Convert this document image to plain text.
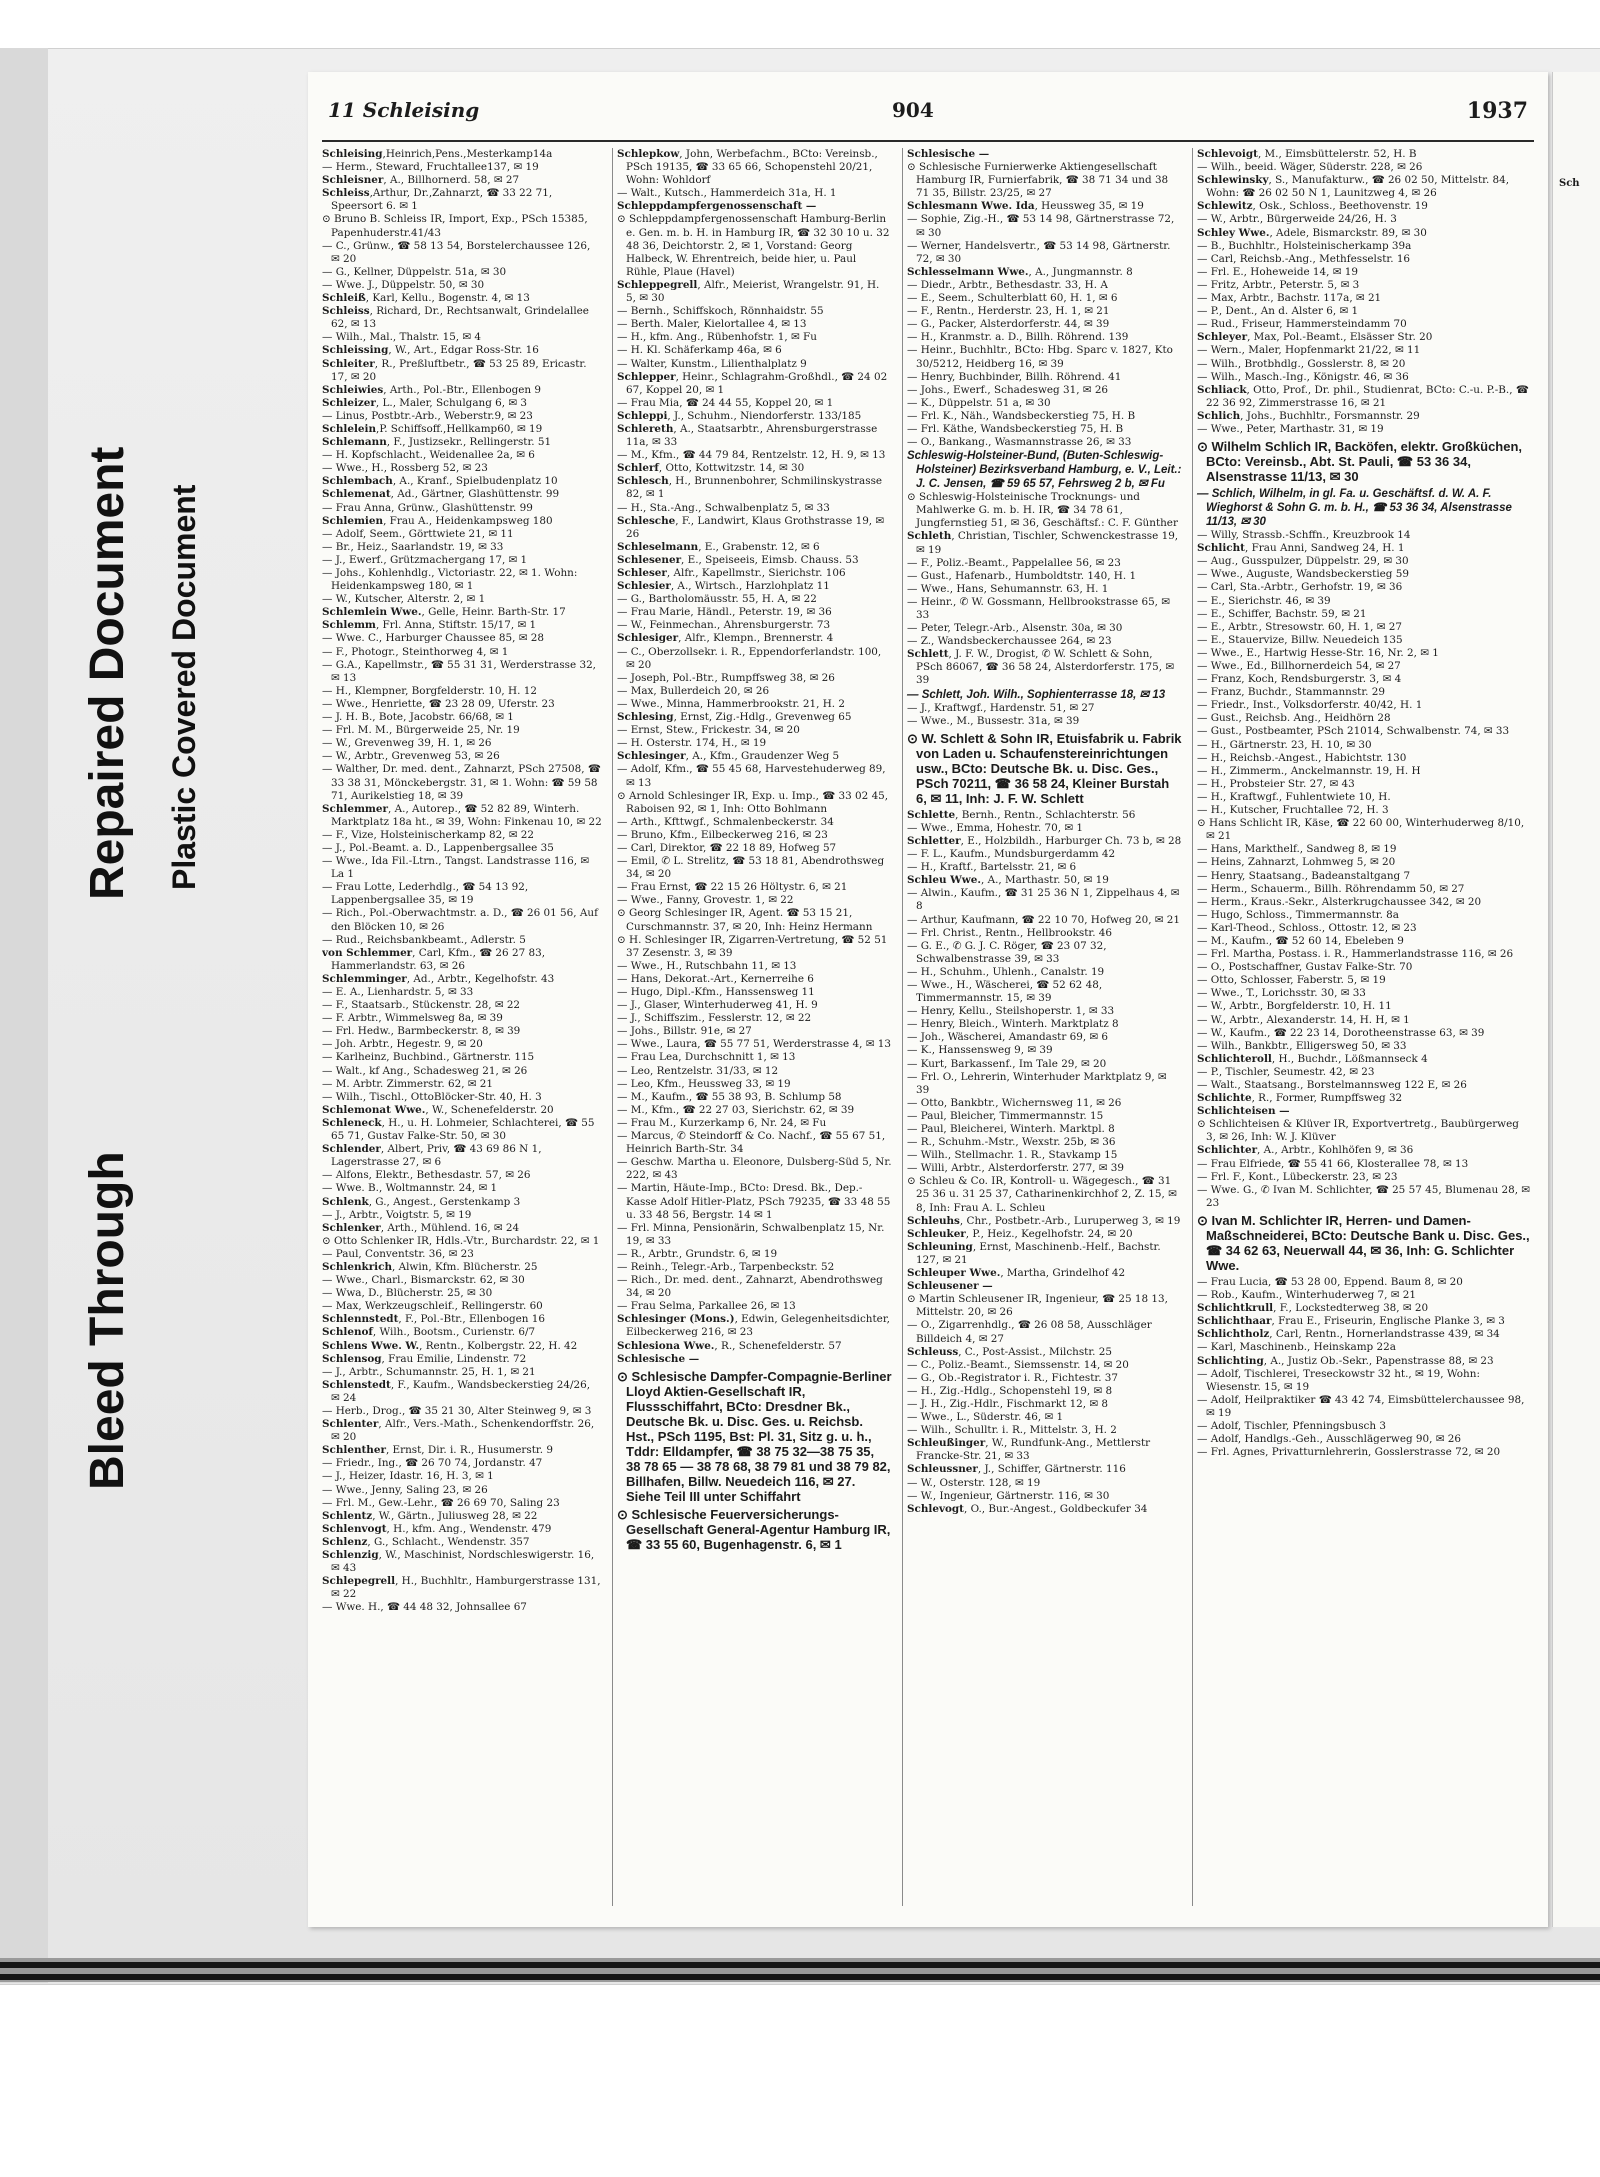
Bleed Through
Repaired Document Plastic Covered Document
11 Schleising	904	1937

Schleising,Heinrich,Pens.,Mesterkamp14a

— Herm., Steward, Fruchtallee137, ✉ 19

Schleisner, A., Billhornerd. 58, ✉ 27

Schleiss,Arthur, Dr.,Zahnarzt, ☎ 33 22 71, Speersort 6. ✉ 1

⊙ Bruno B. Schleiss IR, Import, Exp., PSch 15385, Papenhuderstr.41/43

— C., Grünw., ☎ 58 13 54, Borstelerchaussee 126, ✉ 20

— G., Kellner, Düppelstr. 51a, ✉ 30

— Wwe. J., Düppelstr. 50, ✉ 30

Schleiß, Karl, Kellu., Bogenstr. 4, ✉ 13

Schleiss, Richard, Dr., Rechtsanwalt, Grindelallee 62, ✉ 13

— Wilh., Mal., Thalstr. 15, ✉ 4

Schleissing, W., Art., Edgar Ross-Str. 16

Schleiter, R., Preßluftbetr., ☎ 53 25 89, Ericastr. 17, ✉ 20

Schleiwies, Arth., Pol.-Btr., Ellenbogen 9

Schleizer, L., Maler, Schulgang 6, ✉ 3

— Linus, Postbtr.-Arb., Weberstr.9, ✉ 23

Schlelein,P. Schiffsoff.,Hellkamp60, ✉ 19

Schlemann, F., Justizsekr., Rellingerstr. 51

— H. Kopfschlacht., Weidenallee 2a, ✉ 6

— Wwe., H., Rossberg 52, ✉ 23

Schlembach, A., Kranf., Spielbudenplatz 10

Schlemenat, Ad., Gärtner, Glashüttenstr. 99

— Frau Anna, Grünw., Glashüttenstr. 99

Schlemien, Frau A., Heidenkampsweg 180

— Adolf, Seem., Görttwiete 21, ✉ 11

— Br., Heiz., Saarlandstr. 19, ✉ 33

— J., Ewerf., Grützmachergang 17, ✉ 1

— Johs., Kohlenhdlg., Victoriastr. 22, ✉ 1. Wohn: Heidenkampsweg 180, ✉ 1

— W., Kutscher, Alterstr. 2, ✉ 1

Schlemlein Wwe., Gelle, Heinr. Barth-Str. 17

Schlemm, Frl. Anna, Stiftstr. 15/17, ✉ 1

— Wwe. C., Harburger Chaussee 85, ✉ 28

— F., Photogr., Steinthorweg 4, ✉ 1

— G.A., Kapellmstr., ☎ 55 31 31, Werderstrasse 32, ✉ 13

— H., Klempner, Borgfelderstr. 10, H. 12

— Wwe., Henriette, ☎ 23 28 09, Uferstr. 23

— J. H. B., Bote, Jacobstr. 66/68, ✉ 1

— Frl. M. M., Bürgerweide 25, Nr. 19

— W., Grevenweg 39, H. 1, ✉ 26

— W., Arbtr., Grevenweg 53, ✉ 26

— Walther, Dr. med. dent., Zahnarzt, PSch 27508, ☎ 33 38 31, Mönckebergstr. 31, ✉ 1. Wohn: ☎ 59 58 71, Aurikelstieg 18, ✉ 39

Schlemmer, A., Autorep., ☎ 52 82 89, Winterh. Marktplatz 18a ht., ✉ 39, Wohn: Finkenau 10, ✉ 22

— F., Vize, Holsteinischerkamp 82, ✉ 22

— J., Pol.-Beamt. a. D., Lappenbergsallee 35

— Wwe., Ida Fil.-Ltrn., Tangst. Landstrasse 116, ✉ La 1

— Frau Lotte, Lederhdlg., ☎ 54 13 92, Lappenbergsallee 35, ✉ 19

— Rich., Pol.-Oberwachtmstr. a. D., ☎ 26 01 56, Auf den Blöcken 10, ✉ 26

— Rud., Reichsbankbeamt., Adlerstr. 5

von Schlemmer, Carl, Kfm., ☎ 26 27 83, Hammerlandstr. 63, ✉ 26

Schlemminger, Ad., Arbtr., Kegelhofstr. 43

— E. A., Lienhardstr. 5, ✉ 33

— F., Staatsarb., Stückenstr. 28, ✉ 22

— F. Arbtr., Wimmelsweg 8a, ✉ 39

— Frl. Hedw., Barmbeckerstr. 8, ✉ 39

— Joh. Arbtr., Hegestr. 9, ✉ 20

— Karlheinz, Buchbind., Gärtnerstr. 115

— Walt., kf Ang., Schadesweg 21, ✉ 26

— M. Arbtr. Zimmerstr. 62, ✉ 21

— Wilh., Tischl., OttoBlöcker-Str. 40, H. 3

Schlemonat Wwe., W., Schenefelderstr. 20

Schleneck, H., u. H. Lohmeier, Schlachterei, ☎ 55 65 71, Gustav Falke-Str. 50, ✉ 30

Schlender, Albert, Priv, ☎ 43 69 86 N 1, Lagerstrasse 27, ✉ 6

— Alfons, Elektr., Bethesdastr. 57, ✉ 26

— Wwe. B., Woltmannstr. 24, ✉ 1

Schlenk, G., Angest., Gerstenkamp 3

— J., Arbtr., Voigtstr. 5, ✉ 19

Schlenker, Arth., Mühlend. 16, ✉ 24

⊙ Otto Schlenker IR, Hdls.-Vtr., Burchardstr. 22, ✉ 1

— Paul, Conventstr. 36, ✉ 23

Schlenkrich, Alwin, Kfm. Blücherstr. 25

— Wwe., Charl., Bismarckstr. 62, ✉ 30

— Wwa, D., Blücherstr. 25, ✉ 30

— Max, Werkzeugschleif., Rellingerstr. 60

Schlennstedt, F., Pol.-Btr., Ellenbogen 16

Schlenof, Wilh., Bootsm., Curienstr. 6/7

Schlens Wwe. W., Rentn., Kolbergstr. 22, H. 42

Schlensog, Frau Emilie, Lindenstr. 72

— J., Arbtr., Schumannstr. 25, H. 1, ✉ 21

Schlenstedt, F., Kaufm., Wandsbeckerstieg 24/26, ✉ 24

— Herb., Drog., ☎ 35 21 30, Alter Steinweg 9, ✉ 3

Schlenter, Alfr., Vers.-Math., Schenkendorffstr. 26, ✉ 20

Schlenther, Ernst, Dir. i. R., Husumerstr. 9

— Friedr., Ing., ☎ 26 70 74, Jordanstr. 47

— J., Heizer, Idastr. 16, H. 3, ✉ 1

— Wwe., Jenny, Saling 23, ✉ 26

— Frl. M., Gew.-Lehr., ☎ 26 69 70, Saling 23

Schlentz, W., Gärtn., Juliusweg 28, ✉ 22

Schlenvogt, H., kfm. Ang., Wendenstr. 479

Schlenz, G., Schlacht., Wendenstr. 357

Schlenzig, W., Maschinist, Nordschleswigerstr. 16, ✉ 43

Schlepegrell, H., Buchhltr., Hamburgerstrasse 131, ✉ 22

— Wwe. H., ☎ 44 48 32, Johnsallee 67

Schlepkow, John, Werbefachm., BCto: Vereinsb., PSch 19135, ☎ 33 65 66, Schopenstehl 20/21, Wohn: Wohldorf

— Walt., Kutsch., Hammerdeich 31a, H. 1

Schleppdampfergenossenschaft —

⊙ Schleppdampfergenossenschaft Hamburg-Berlin e. Gen. m. b. H. in Hamburg IR, ☎ 32 30 10 u. 32 48 36, Deichtorstr. 2, ✉ 1, Vorstand: Georg Halbeck, W. Ehrentreich, beide hier, u. Paul Rühle, Plaue (Havel)

Schleppegrell, Alfr., Meierist, Wrangelstr. 91, H. 5, ✉ 30

— Bernh., Schiffskoch, Rönnhaidstr. 55

— Berth. Maler, Kielortallee 4, ✉ 13

— H., kfm. Ang., Rübenhofstr. 1, ✉ Fu

— H. Kl. Schäferkamp 46a, ✉ 6

— Walter, Kunstm., Lilienthalplatz 9

Schlepper, Heinr., Schlagrahm-Großhdl., ☎ 24 02 67, Koppel 20, ✉ 1

— Frau Mia, ☎ 24 44 55, Koppel 20, ✉ 1

Schleppi, J., Schuhm., Niendorferstr. 133/185

Schlereth, A., Staatsarbtr., Ahrensburgerstrasse 11a, ✉ 33

— M., Kfm., ☎ 44 79 84, Rentzelstr. 12, H. 9, ✉ 13

Schlerf, Otto, Kottwitzstr. 14, ✉ 30

Schlesch, H., Brunnenbohrer, Schmilinskystrasse 82, ✉ 1

— H., Sta.-Ang., Schwalbenplatz 5, ✉ 33

Schlesche, F., Landwirt, Klaus Grothstrasse 19, ✉ 26

Schleselmann, E., Grabenstr. 12, ✉ 6

Schlesener, E., Speiseeis, Eimsb. Chauss. 53

Schleser, Alfr., Kapellmstr., Sierichstr. 106

Schlesier, A., Wirtsch., Harzlohplatz 11

— G., Bartholomäusstr. 55, H. A, ✉ 22

— Frau Marie, Händl., Peterstr. 19, ✉ 36

— W., Feinmechan., Ahrensburgerstr. 73

Schlesiger, Alfr., Klempn., Brennerstr. 4

— C., Oberzollsekr. i. R., Eppendorferlandstr. 100, ✉ 20

— Joseph, Pol.-Btr., Rumpffsweg 38, ✉ 26

— Max, Bullerdeich 20, ✉ 26

— Wwe., Minna, Hammerbrookstr. 21, H. 2

Schlesing, Ernst, Zig.-Hdlg., Grevenweg 65

— Ernst, Stew., Frickestr. 34, ✉ 20

— H. Osterstr. 174, H., ✉ 19

Schlesinger, A., Kfm., Graudenzer Weg 5

— Adolf, Kfm., ☎ 55 45 68, Harvestehuderweg 89, ✉ 13

⊙ Arnold Schlesinger IR, Exp. u. Imp., ☎ 33 02 45, Raboisen 92, ✉ 1, Inh: Otto Bohlmann

— Arth., Kfttwgf., Schmalenbeckerstr. 34

— Bruno, Kfm., Eilbeckerweg 216, ✉ 23

— Carl, Direktor, ☎ 22 18 89, Hofweg 57

— Emil, ✆ L. Strelitz, ☎ 53 18 81, Abendrothsweg 34, ✉ 20

— Frau Ernst, ☎ 22 15 26 Höltystr. 6, ✉ 21

— Wwe., Fanny, Grovestr. 1, ✉ 22

⊙ Georg Schlesinger IR, Agent. ☎ 53 15 21, Curschmannstr. 37, ✉ 20, Inh: Heinz Hermann

⊙ H. Schlesinger IR, Zigarren-Vertretung, ☎ 52 51 37 Zesenstr. 3, ✉ 39

— Wwe., H., Rutschbahn 11, ✉ 13

— Hans, Dekorat.-Art., Kernerreihe 6

— Hugo, Dipl.-Kfm., Hanssensweg 11

— J., Glaser, Winterhuderweg 41, H. 9

— J., Schiffszim., Fesslerstr. 12, ✉ 22

— Johs., Billstr. 91e, ✉ 27

— Wwe., Laura, ☎ 55 77 51, Werderstrasse 4, ✉ 13

— Frau Lea, Durchschnitt 1, ✉ 13

— Leo, Rentzelstr. 31/33, ✉ 12

— Leo, Kfm., Heussweg 33, ✉ 19

— M., Kaufm., ☎ 55 38 93, B. Schlump 58

— M., Kfm., ☎ 22 27 03, Sierichstr. 62, ✉ 39

— Frau M., Kurzerkamp 6, Nr. 24, ✉ Fu

— Marcus, ✆ Steindorff & Co. Nachf., ☎ 55 67 51, Heinrich Barth-Str. 34

— Geschw. Martha u. Eleonore, Dulsberg-Süd 5, Nr. 222, ✉ 43

— Martin, Häute-Imp., BCto: Dresd. Bk., Dep.-Kasse Adolf Hitler-Platz, PSch 79235, ☎ 33 48 55 u. 33 48 56, Bergstr. 14 ✉ 1

— Frl. Minna, Pensionärin, Schwalbenplatz 15, Nr. 19, ✉ 33

— R., Arbtr., Grundstr. 6, ✉ 19

— Reinh., Telegr.-Arb., Tarpenbeckstr. 52

— Rich., Dr. med. dent., Zahnarzt, Abendrothsweg 34, ✉ 20

— Frau Selma, Parkallee 26, ✉ 13

Schlesinger (Mons.), Edwin, Gelegenheitsdichter, Eilbeckerweg 216, ✉ 23

Schlesiona Wwe., R., Schenefelderstr. 57

Schlesische —

⊙ Schlesische Dampfer-Compagnie-Berliner Lloyd Aktien-Gesellschaft IR, Flussschiffahrt, BCto: Dresdner Bk., Deutsche Bk. u. Disc. Ges. u. Reichsb. Hst., PSch 1195, Bst: Pl. 31, Sitz g. u. h., Tddr: Elldampfer, ☎ 38 75 32—38 75 35, 38 78 65 — 38 78 68, 38 79 81 und 38 79 82, Billhafen, Billw. Neuedeich 116, ✉ 27. Siehe Teil III unter Schiffahrt

⊙ Schlesische Feuerversicherungs-Gesellschaft General-Agentur Hamburg IR, ☎ 33 55 60, Bugenhagenstr. 6, ✉ 1

Schlesische —

⊙ Schlesische Furnierwerke Aktiengesellschaft Hamburg IR, Furnierfabrik, ☎ 38 71 34 und 38 71 35, Billstr. 23/25, ✉ 27

Schlesmann Wwe. Ida, Heussweg 35, ✉ 19

— Sophie, Zig.-H., ☎ 53 14 98, Gärtnerstrasse 72, ✉ 30

— Werner, Handelsvertr., ☎ 53 14 98, Gärtnerstr. 72, ✉ 30

Schlesselmann Wwe., A., Jungmannstr. 8

— Diedr., Arbtr., Bethesdastr. 33, H. A

— E., Seem., Schulterblatt 60, H. 1, ✉ 6

— F., Rentn., Herderstr. 23, H. 1, ✉ 21

— G., Packer, Alsterdorferstr. 44, ✉ 39

— H., Kranmstr. a. D., Billh. Röhrend. 139

— Heinr., Buchhltr., BCto: Hbg. Sparc v. 1827, Kto 30/5212, Heidberg 16, ✉ 39

— Henry, Buchbinder, Billh. Röhrend. 41

— Johs., Ewerf., Schadesweg 31, ✉ 26

— K., Düppelstr. 51 a, ✉ 30

— Frl. K., Näh., Wandsbeckerstieg 75, H. B

— Frl. Käthe, Wandsbeckerstieg 75, H. B

— O., Bankang., Wasmannstrasse 26, ✉ 33

Schleswig-Holsteiner-Bund, (Buten-Schleswig-Holsteiner) Bezirksverband Hamburg, e. V., Leit.: J. C. Jensen, ☎ 59 65 57, Fehrsweg 2 b, ✉ Fu

⊙ Schleswig-Holsteinische Trocknungs- und Mahlwerke G. m. b. H. IR, ☎ 34 78 61, Jungfernstieg 51, ✉ 36, Geschäftsf.: C. F. Günther

Schleth, Christian, Tischler, Schwenckestrasse 19, ✉ 19

— F., Poliz.-Beamt., Pappelallee 56, ✉ 23

— Gust., Hafenarb., Humboldtstr. 140, H. 1

— Wwe., Hans, Sehumannstr. 63, H. 1

— Heinr., ✆ W. Gossmann, Hellbrookstrasse 65, ✉ 33

— Peter, Telegr.-Arb., Alsenstr. 30a, ✉ 30

— Z., Wandsbeckerchaussee 264, ✉ 23

Schlett, J. F. W., Drogist, ✆ W. Schlett & Sohn, PSch 86067, ☎ 36 58 24, Alsterdorferstr. 175, ✉ 39

— Schlett, Joh. Wilh., Sophienterrasse 18, ✉ 13

— J., Kraftwgf., Hardenstr. 51, ✉ 27

— Wwe., M., Bussestr. 31a, ✉ 39

⊙ W. Schlett & Sohn IR, Etuisfabrik u. Fabrik von Laden u. Schaufenstereinrichtungen usw., BCto: Deutsche Bk. u. Disc. Ges., PSch 70211, ☎ 36 58 24, Kleiner Burstah 6, ✉ 11, Inh: J. F. W. Schlett

Schlette, Bernh., Rentn., Schlachterstr. 56

— Wwe., Emma, Hohestr. 70, ✉ 1

Schletter, E., Holzbildh., Harburger Ch. 73 b, ✉ 28

— F. L., Kaufm., Mundsburgerdamm 42

— H., Kraftf., Bartelsstr. 21, ✉ 6

Schleu Wwe., A., Marthastr. 50, ✉ 19

— Alwin., Kaufm., ☎ 31 25 36 N 1, Zippelhaus 4, ✉ 8

— Arthur, Kaufmann, ☎ 22 10 70, Hofweg 20, ✉ 21

— Frl. Christ., Rentn., Hellbrookstr. 46

— G. E., ✆ G. J. C. Röger, ☎ 23 07 32, Schwalbenstrasse 39, ✉ 33

— H., Schuhm., Uhlenh., Canalstr. 19

— Wwe., H., Wäscherei, ☎ 52 62 48, Timmermannstr. 15, ✉ 39

— Henry, Kellu., Steilshoperstr. 1, ✉ 33

— Henry, Bleich., Winterh. Marktplatz 8

— Joh., Wäscherei, Amandastr 69, ✉ 6

— K., Hanssensweg 9, ✉ 39

— Kurt, Barkassenf., Im Tale 29, ✉ 20

— Frl. O., Lehrerin, Winterhuder Marktplatz 9, ✉ 39

— Otto, Bankbtr., Wichernsweg 11, ✉ 26

— Paul, Bleicher, Timmermannstr. 15

— Paul, Bleicherei, Winterh. Marktpl. 8

— R., Schuhm.-Mstr., Wexstr. 25b, ✉ 36

— Wilh., Stellmachr. 1. R., Stavkamp 15

— Willi, Arbtr., Alsterdorferstr. 277, ✉ 39

⊙ Schleu & Co. IR, Kontroll- u. Wägegesch., ☎ 31 25 36 u. 31 25 37, Catharinenkirchhof 2, Z. 15, ✉ 8, Inh: Frau A. L. Schleu

Schleuhs, Chr., Postbetr.-Arb., Luruperweg 3, ✉ 19

Schleuker, P., Heiz., Kegelhofstr. 24, ✉ 20

Schleuning, Ernst, Maschinenb.-Helf., Bachstr. 127, ✉ 21

Schleuper Wwe., Martha, Grindelhof 42

Schleusener —

⊙ Martin Schleusener IR, Ingenieur, ☎ 25 18 13, Mittelstr. 20, ✉ 26

— O., Zigarrenhdlg., ☎ 26 08 58, Ausschläger Billdeich 4, ✉ 27

Schleuss, C., Post-Assist., Milchstr. 25

— C., Poliz.-Beamt., Siemssenstr. 14, ✉ 20

— G., Ob.-Registrator i. R., Fichtestr. 37

— H., Zig.-Hdlg., Schopenstehl 19, ✉ 8

— J. H., Zig.-Hdlr., Fischmarkt 12, ✉ 8

— Wwe., L., Süderstr. 46, ✉ 1

— Wilh., Schulltr. i. R., Mittelstr. 3, H. 2

Schleußinger, W., Rundfunk-Ang., Mettlerstr Francke-Str. 21, ✉ 33

Schleussner, J., Schiffer, Gärtnerstr. 116

— W., Osterstr. 128, ✉ 19

— W., Ingenieur, Gärtnerstr. 116, ✉ 30

Schlevogt, O., Bur.-Angest., Goldbeckufer 34

Schlevoigt, M., Eimsbüttelerstr. 52, H. B

— Wilh., beeid. Wäger, Süderstr. 228, ✉ 26

Schlewinsky, S., Manufakturw., ☎ 26 02 50, Mittelstr. 84, Wohn: ☎ 26 02 50 N 1, Launitzweg 4, ✉ 26

Schlewitz, Osk., Schloss., Beethovenstr. 19

— W., Arbtr., Bürgerweide 24/26, H. 3

Schley Wwe., Adele, Bismarckstr. 89, ✉ 30

— B., Buchhltr., Holsteinischerkamp 39a

— Carl, Reichsb.-Ang., Methfesselstr. 16

— Frl. E., Hoheweide 14, ✉ 19

— Fritz, Arbtr., Peterstr. 5, ✉ 3

— Max, Arbtr., Bachstr. 117a, ✉ 21

— P., Dent., An d. Alster 6, ✉ 1

— Rud., Friseur, Hammersteindamm 70

Schleyer, Max, Pol.-Beamt., Elsässer Str. 20

— Wern., Maler, Hopfenmarkt 21/22, ✉ 11

— Wilh., Brotbhdlg., Gosslerstr. 8, ✉ 20

— Wilh., Masch.-Ing., Königstr. 46, ✉ 36

Schliack, Otto, Prof., Dr. phil., Studienrat, BCto: C.-u. P.-B., ☎ 22 36 92, Zimmerstrasse 16, ✉ 21

Schlich, Johs., Buchhltr., Forsmannstr. 29

— Wwe., Peter, Marthastr. 31, ✉ 19

⊙ Wilhelm Schlich IR, Backöfen, elektr. Großküchen, BCto: Vereinsb., Abt. St. Pauli, ☎ 53 36 34, Alsenstrasse 11/13, ✉ 30

— Schlich, Wilhelm, in gl. Fa. u. Geschäftsf. d. W. A. F. Wieghorst & Sohn G. m. b. H., ☎ 53 36 34, Alsenstrasse 11/13, ✉ 30

— Willy, Strassb.-Schffn., Kreuzbrook 14

Schlicht, Frau Anni, Sandweg 24, H. 1

— Aug., Gusspulzer, Düppelstr. 29, ✉ 30

— Wwe., Auguste, Wandsbeckerstieg 59

— Carl, Sta.-Arbtr., Gerhofstr. 19, ✉ 36

— E., Sierichstr. 46, ✉ 39

— E., Schiffer, Bachstr. 59, ✉ 21

— E., Arbtr., Stresowstr. 60, H. 1, ✉ 27

— E., Stauervize, Billw. Neuedeich 135

— Wwe., E., Hartwig Hesse-Str. 16, Nr. 2, ✉ 1

— Wwe., Ed., Billhornerdeich 54, ✉ 27

— Franz, Koch, Rendsburgerstr. 3, ✉ 4

— Franz, Buchdr., Stammannstr. 29

— Friedr., Inst., Volksdorferstr. 40/42, H. 1

— Gust., Reichsb. Ang., Heidhörn 28

— Gust., Postbeamter, PSch 21014, Schwalbenstr. 74, ✉ 33

— H., Gärtnerstr. 23, H. 10, ✉ 30

— H., Reichsb.-Angest., Habichtstr. 130

— H., Zimmerm., Anckelmannstr. 19, H. H

— H., Probsteier Str. 27, ✉ 43

— H., Kraftwgf., Fuhlentwiete 10, H.

— H., Kutscher, Fruchtallee 72, H. 3

⊙ Hans Schlicht IR, Käse, ☎ 22 60 00, Winterhuderweg 8/10, ✉ 21

— Hans, Markthelf., Sandweg 8, ✉ 19

— Heins, Zahnarzt, Lohmweg 5, ✉ 20

— Henry, Staatsang., Badeanstaltgang 7

— Herm., Schauerm., Billh. Röhrendamm 50, ✉ 27

— Herm., Kraus.-Sekr., Alsterkrugchaussee 342, ✉ 20

— Hugo, Schloss., Timmermannstr. 8a

— Karl-Theod., Schloss., Ottostr. 12, ✉ 23

— M., Kaufm., ☎ 52 60 14, Ebeleben 9

— Frl. Martha, Postass. i. R., Hammerlandstrasse 116, ✉ 26

— O., Postschaffner, Gustav Falke-Str. 70

— Otto, Schlosser, Faberstr. 5, ✉ 19

— Wwe., T., Lorichsstr. 30, ✉ 33

— W., Arbtr., Borgfelderstr. 10, H. 11

— W., Arbtr., Alexanderstr. 14, H. H, ✉ 1

— W., Kaufm., ☎ 22 23 14, Dorotheenstrasse 63, ✉ 39

— Wilh., Bankbtr., Elligersweg 50, ✉ 33

Schlichteroll, H., Buchdr., Lößmannseck 4

— P., Tischler, Seumestr. 42, ✉ 23

— Walt., Staatsang., Borstelmannsweg 122 E, ✉ 26

Schlichte, R., Former, Rumpffsweg 32

Schlichteisen —

⊙ Schlichteisen & Klüver IR, Exportvertretg., Baubürgerweg 3, ✉ 26, Inh: W. J. Klüver

Schlichter, A., Arbtr., Kohlhöfen 9, ✉ 36

— Frau Elfriede, ☎ 55 41 66, Klosterallee 78, ✉ 13

— Frl. F., Kont., Lübeckerstr. 23, ✉ 23

— Wwe. G., ✆ Ivan M. Schlichter, ☎ 25 57 45, Blumenau 28, ✉ 23

⊙ Ivan M. Schlichter IR, Herren- und Damen-Maßschneiderei, BCto: Deutsche Bank u. Disc. Ges., ☎ 34 62 63, Neuerwall 44, ✉ 36, Inh: G. Schlichter Wwe.

— Frau Lucia, ☎ 53 28 00, Eppend. Baum 8, ✉ 20

— Rob., Kaufm., Winterhuderweg 7, ✉ 21

Schlichtkrull, F., Lockstedterweg 38, ✉ 20

Schlichthaar, Frau E., Friseurin, Englische Planke 3, ✉ 3

Schlichtholz, Carl, Rentn., Hornerlandstrasse 439, ✉ 34

— Karl, Maschinenb., Heinskamp 22a

Schlichting, A., Justiz Ob.-Sekr., Papenstrasse 88, ✉ 23

— Adolf, Tischlerei, Treseckowstr 32 ht., ✉ 19, Wohn: Wiesenstr. 15, ✉ 19

— Adolf, Heilpraktiker ☎ 43 42 74, Eimsbüttelerchaussee 98, ✉ 19

— Adolf, Tischler, Pfenningsbusch 3

— Adolf, Handlgs.-Geh., Ausschlägerweg 90, ✉ 26

— Frl. Agnes, Privatturnlehrerin, Gosslerstrasse 72, ✉ 20

Sch
